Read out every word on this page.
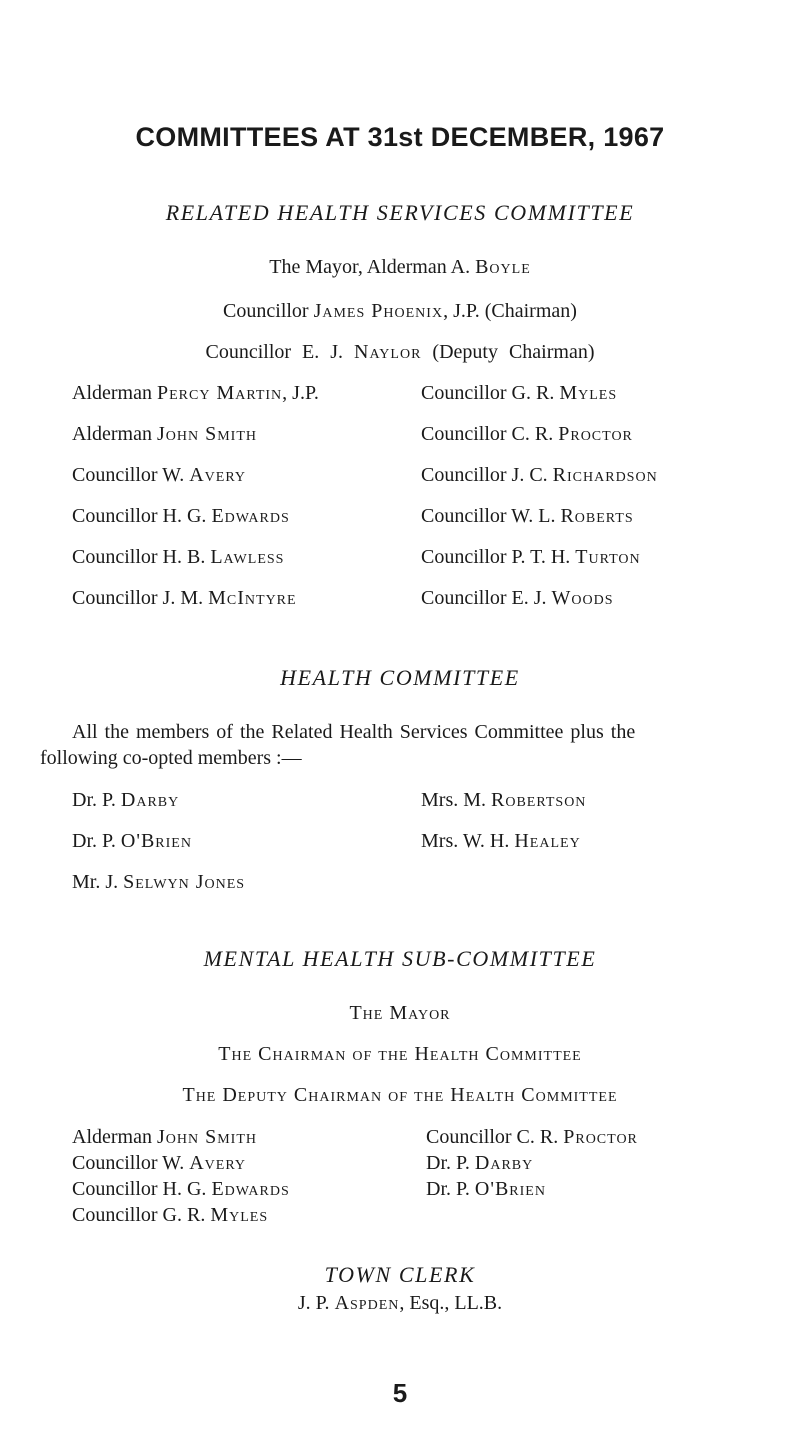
COMMITTEES AT 31st DECEMBER, 1967
RELATED HEALTH SERVICES COMMITTEE
The Mayor, Alderman A. Boyle
Councillor James Phoenix, J.P. (Chairman)
Councillor E. J. Naylor (Deputy Chairman)
Alderman Percy Martin, J.P.
Alderman John Smith
Councillor W. Avery
Councillor H. G. Edwards
Councillor H. B. Lawless
Councillor J. M. McIntyre
Councillor G. R. Myles
Councillor C. R. Proctor
Councillor J. C. Richardson
Councillor W. L. Roberts
Councillor P. T. H. Turton
Councillor E. J. Woods
HEALTH COMMITTEE
All the members of the Related Health Services Committee plus the
following co-opted members :—
Dr. P. Darby
Dr. P. O'Brien
Mr. J. Selwyn Jones
Mrs. M. Robertson
Mrs. W. H. Healey
MENTAL HEALTH SUB-COMMITTEE
The Mayor
The Chairman of the Health Committee
The Deputy Chairman of the Health Committee
Alderman John Smith
Councillor W. Avery
Councillor H. G. Edwards
Councillor G. R. Myles
Councillor C. R. Proctor
Dr. P. Darby
Dr. P. O'Brien
TOWN CLERK
J. P. Aspden, Esq., LL.B.
5
